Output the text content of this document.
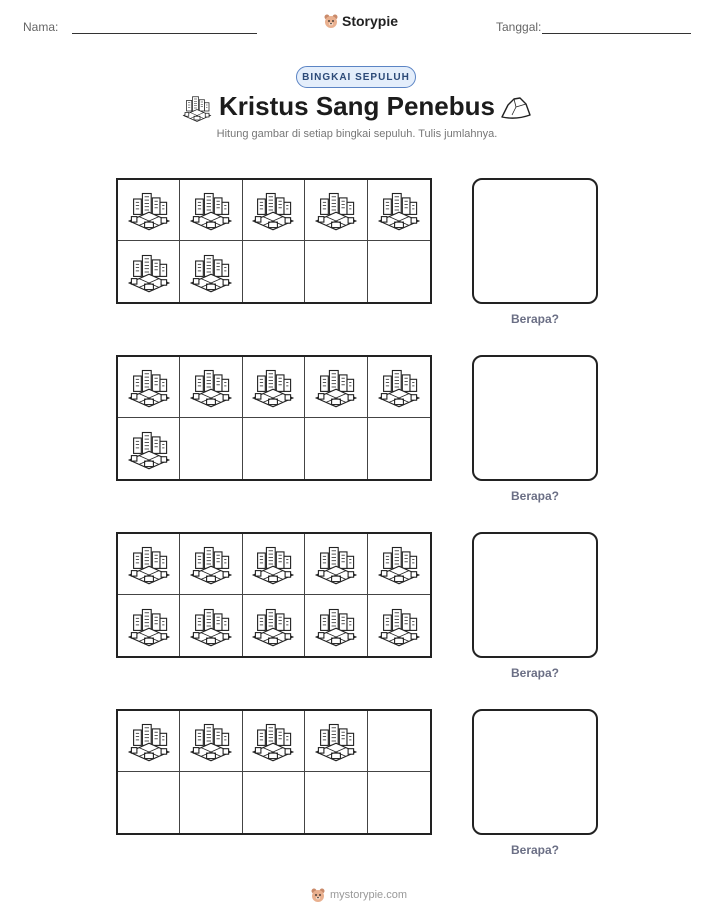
Nama:	Storypie	Tanggal:
BINGKAI SEPULUH
Kristus Sang Penebus
Hitung gambar di setiap bingkai sepuluh. Tulis jumlahnya.
Berapa?
Berapa?
Berapa?
Berapa?
mystorypie.com
